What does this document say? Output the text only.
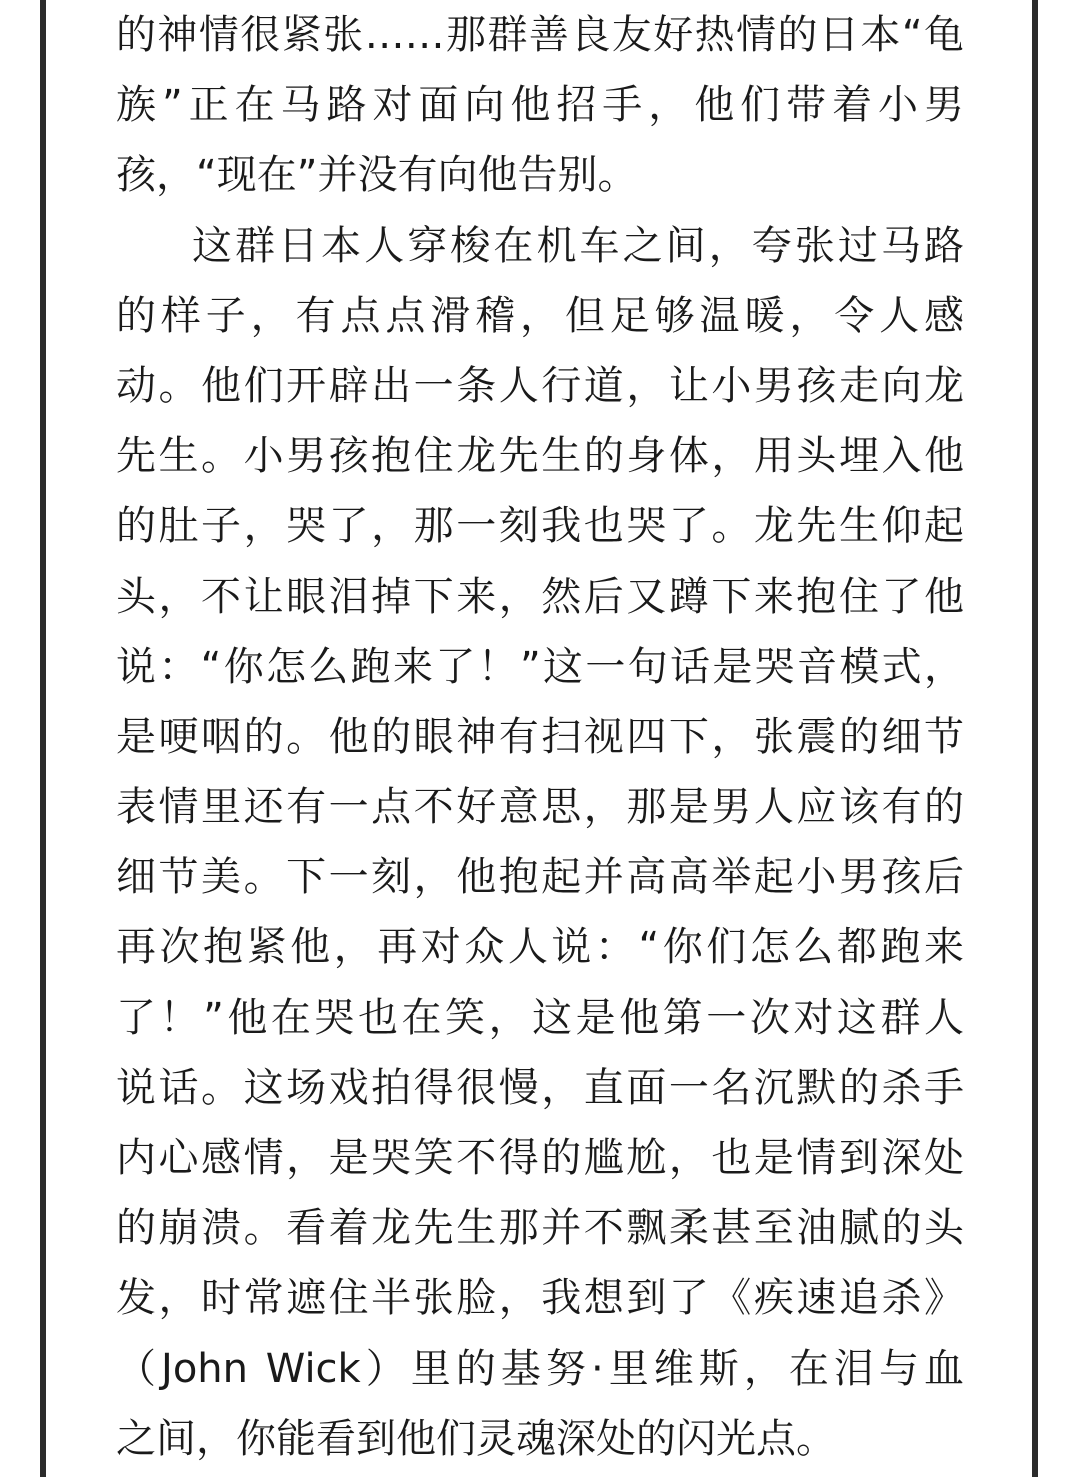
的神情很紧张……那群善良友好热情的日本“龟
族”正在马路对面向他招手，他们带着小男
孩，“现在”并没有向他告别。
这群日本人穿梭在机车之间，夸张过马路
的样子，有点点滑稽，但足够温暖，令人感
动。他们开辟出一条人行道，让小男孩走向龙
先生。小男孩抱住龙先生的身体，用头埋入他
的肚子，哭了，那一刻我也哭了。龙先生仰起
头，不让眼泪掉下来，然后又蹲下来抱住了他
说：“你怎么跑来了！”这一句话是哭音模式，
是哽咽的。他的眼神有扫视四下，张震的细节
表情里还有一点不好意思，那是男人应该有的
细节美。下一刻，他抱起并高高举起小男孩后
再次抱紧他，再对众人说：“你们怎么都跑来
了！”他在哭也在笑，这是他第一次对这群人
说话。这场戏拍得很慢，直面一名沉默的杀手
内心感情，是哭笑不得的尴尬，也是情到深处
的崩溃。看着龙先生那并不飘柔甚至油腻的头
发，时常遮住半张脸，我想到了《疾速追杀》
（John Wick）里的基努·里维斯，在泪与血
之间，你能看到他们灵魂深处的闪光点。
